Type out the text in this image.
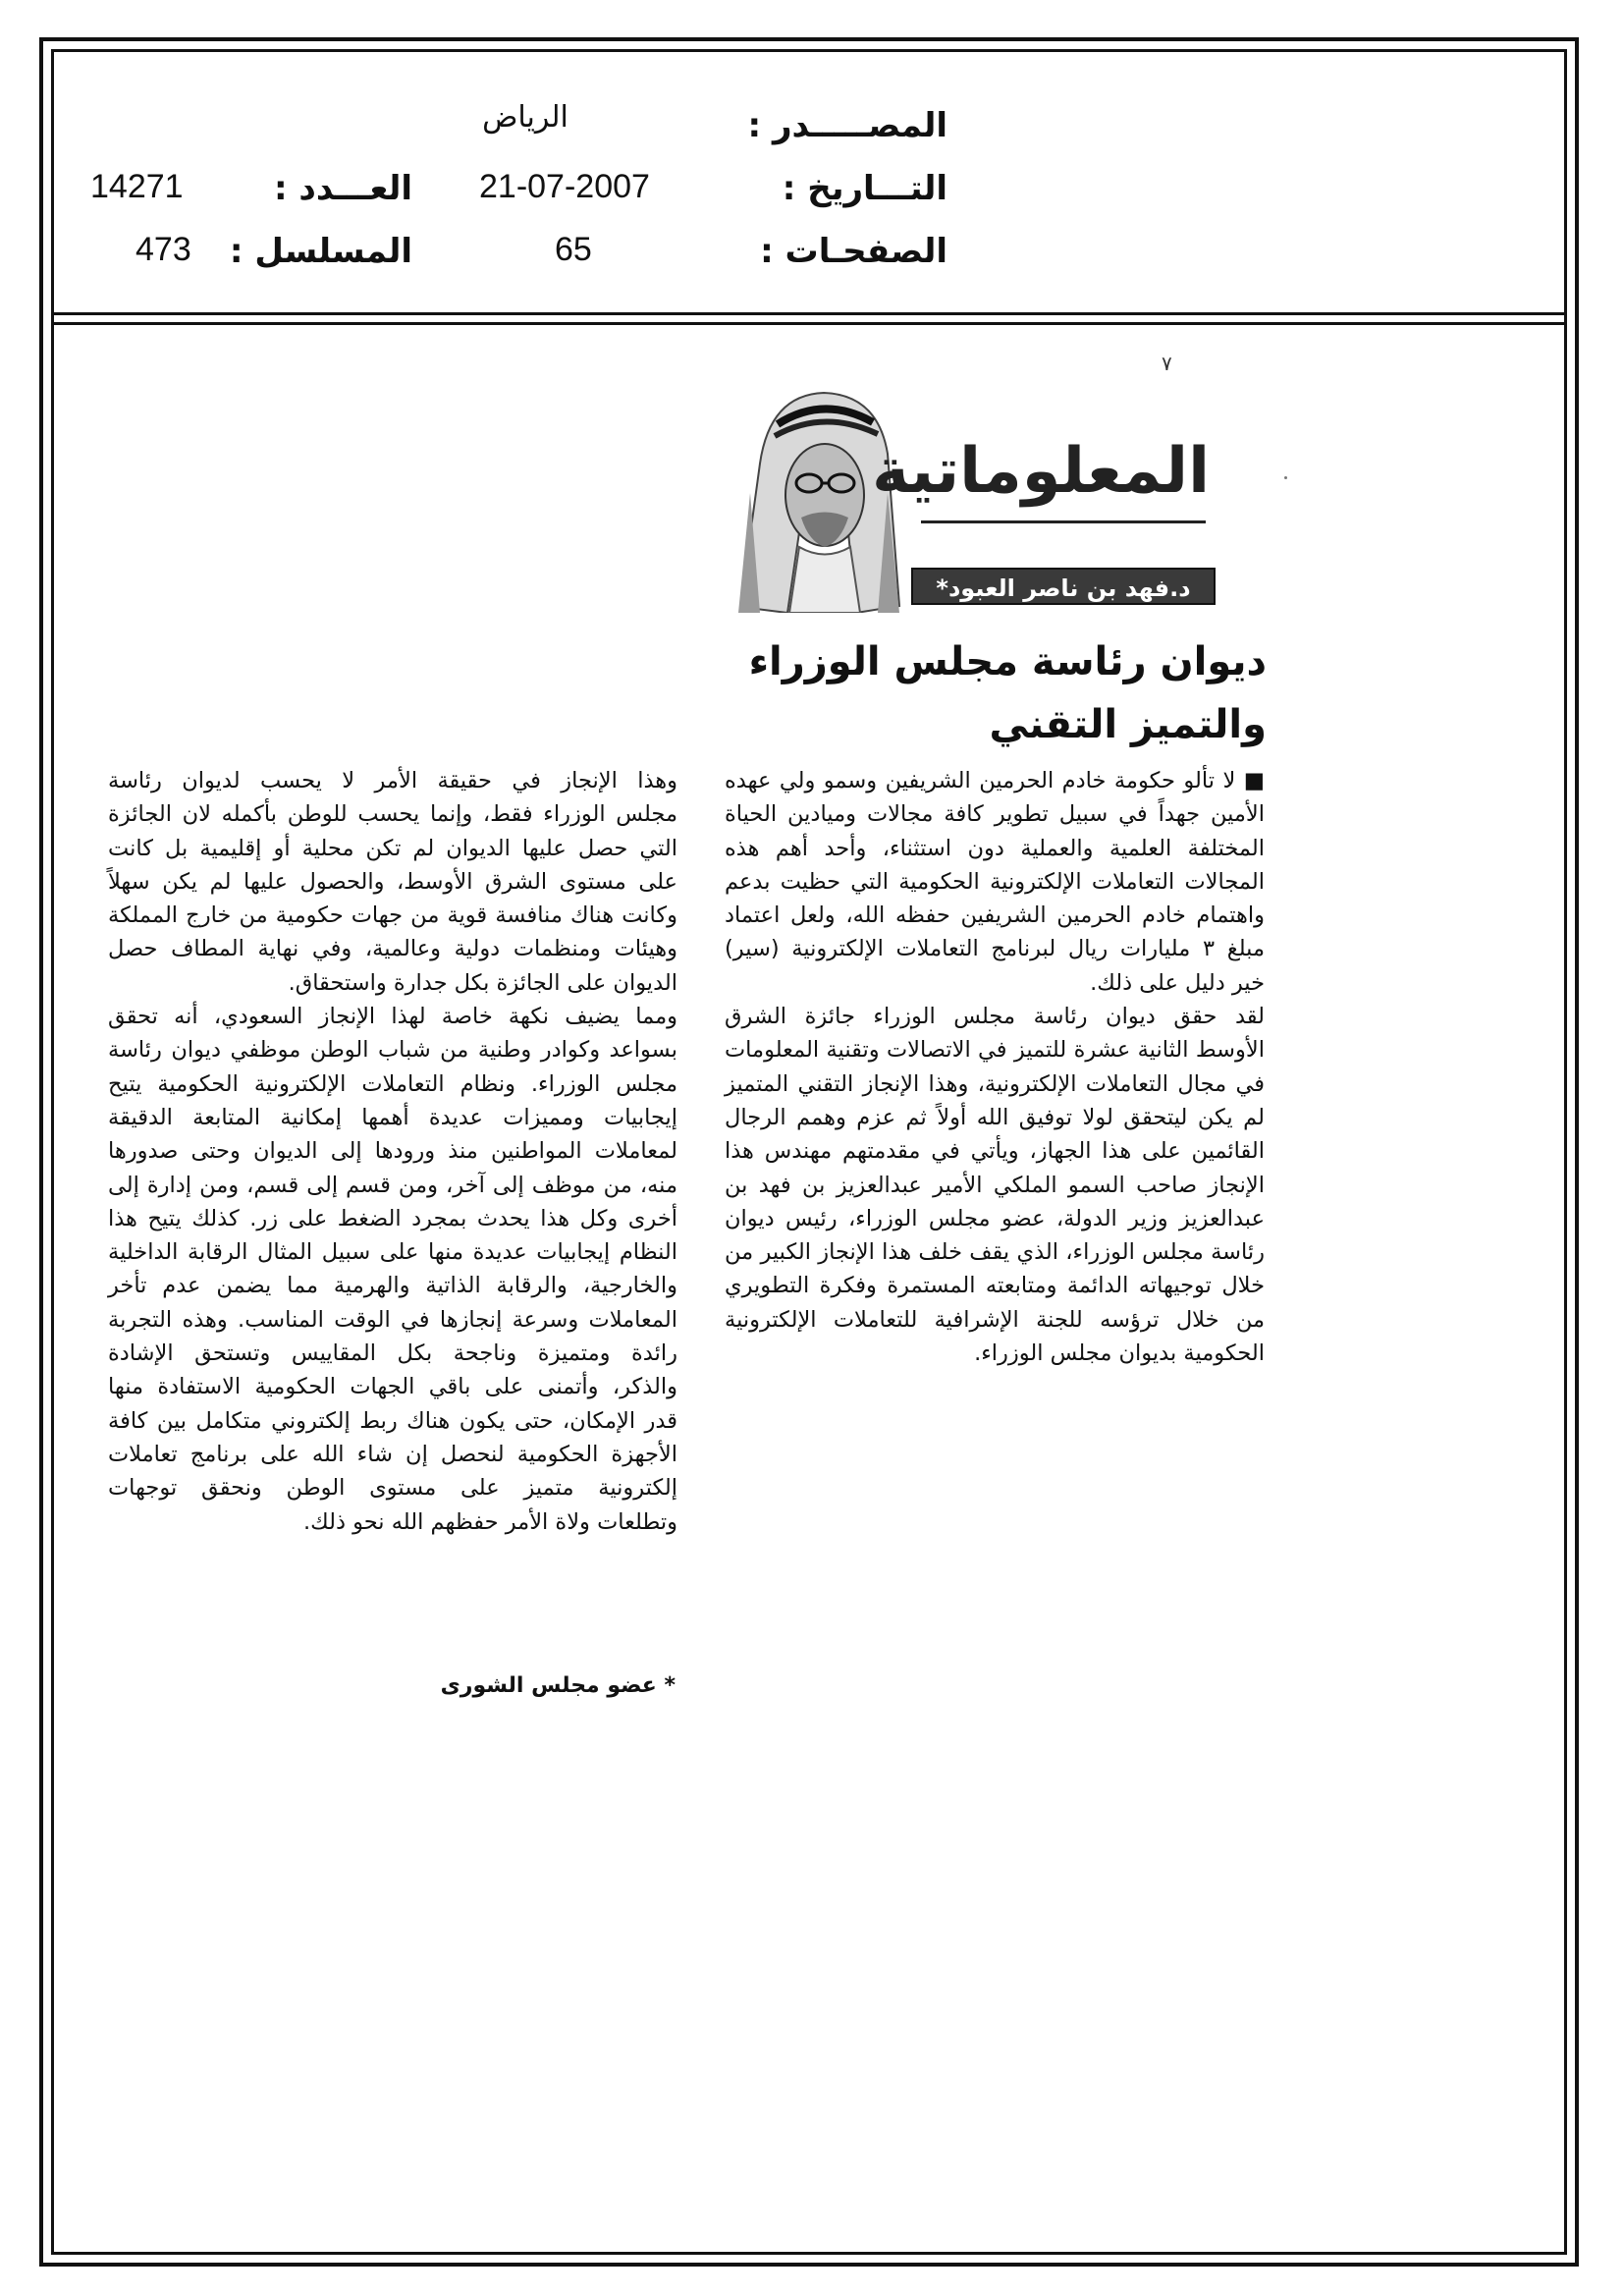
المصـــــدر :
الرياض
التـــاريخ :
21-07-2007
العـــدد :
14271
الصفحـات :
65
المسلسل :
473
٧
المعلوماتية
د.فهد بن ناصر العبود*
ديوان رئاسة مجلس الوزراء
والتميز التقني
■ لا تألو حكومة خادم الحرمين الشريفين وسمو ولي عهده
الأمين جهداً في سبيل تطوير كافة مجالات وميادين الحياة
المختلفة العلمية والعملية دون استثناء، وأحد أهم هذه
المجالات التعاملات الإلكترونية الحكومية التي حظيت بدعم
واهتمام خادم الحرمين الشريفين حفظه الله، ولعل اعتماد
مبلغ ٣ مليارات ريال لبرنامج التعاملات الإلكترونية (سير)
خير دليل على ذلك.
لقد حقق ديوان رئاسة مجلس الوزراء جائزة الشرق
الأوسط الثانية عشرة للتميز في الاتصالات وتقنية المعلومات
في مجال التعاملات الإلكترونية، وهذا الإنجاز التقني المتميز
لم يكن ليتحقق لولا توفيق الله أولاً ثم عزم وهمم الرجال
القائمين على هذا الجهاز، ويأتي في مقدمتهم مهندس هذا
الإنجاز صاحب السمو الملكي الأمير عبدالعزيز بن فهد بن
عبدالعزيز وزير الدولة، عضو مجلس الوزراء، رئيس ديوان
رئاسة مجلس الوزراء، الذي يقف خلف هذا الإنجاز الكبير من
خلال توجيهاته الدائمة ومتابعته المستمرة وفكرة التطويري
من خلال ترؤسه للجنة الإشرافية للتعاملات الإلكترونية
الحكومية بديوان مجلس الوزراء.
وهذا الإنجاز في حقيقة الأمر لا يحسب لديوان رئاسة
مجلس الوزراء فقط، وإنما يحسب للوطن بأكمله لان الجائزة
التي حصل عليها الديوان لم تكن محلية أو إقليمية بل كانت
على مستوى الشرق الأوسط، والحصول عليها لم يكن سهلاً
وكانت هناك منافسة قوية من جهات حكومية من خارج المملكة
وهيئات ومنظمات دولية وعالمية، وفي نهاية المطاف حصل
الديوان على الجائزة بكل جدارة واستحقاق.
ومما يضيف نكهة خاصة لهذا الإنجاز السعودي، أنه تحقق
بسواعد وكوادر وطنية من شباب الوطن موظفي ديوان رئاسة
مجلس الوزراء. ونظام التعاملات الإلكترونية الحكومية يتيح
إيجابيات ومميزات عديدة أهمها إمكانية المتابعة الدقيقة
لمعاملات المواطنين منذ ورودها إلى الديوان وحتى صدورها
منه، من موظف إلى آخر، ومن قسم إلى قسم، ومن إدارة إلى
أخرى وكل هذا يحدث بمجرد الضغط على زر. كذلك يتيح هذا
النظام إيجابيات عديدة منها على سبيل المثال الرقابة الداخلية
والخارجية، والرقابة الذاتية والهرمية مما يضمن عدم تأخر
المعاملات وسرعة إنجازها في الوقت المناسب. وهذه التجربة
رائدة ومتميزة وناجحة بكل المقاييس وتستحق الإشادة
والذكر، وأتمنى على باقي الجهات الحكومية الاستفادة منها
قدر الإمكان، حتى يكون هناك ربط إلكتروني متكامل بين كافة
الأجهزة الحكومية لنحصل إن شاء الله على برنامج تعاملات
إلكترونية متميز على مستوى الوطن ونحقق توجهات
وتطلعات ولاة الأمر حفظهم الله نحو ذلك.
* عضو مجلس الشورى
